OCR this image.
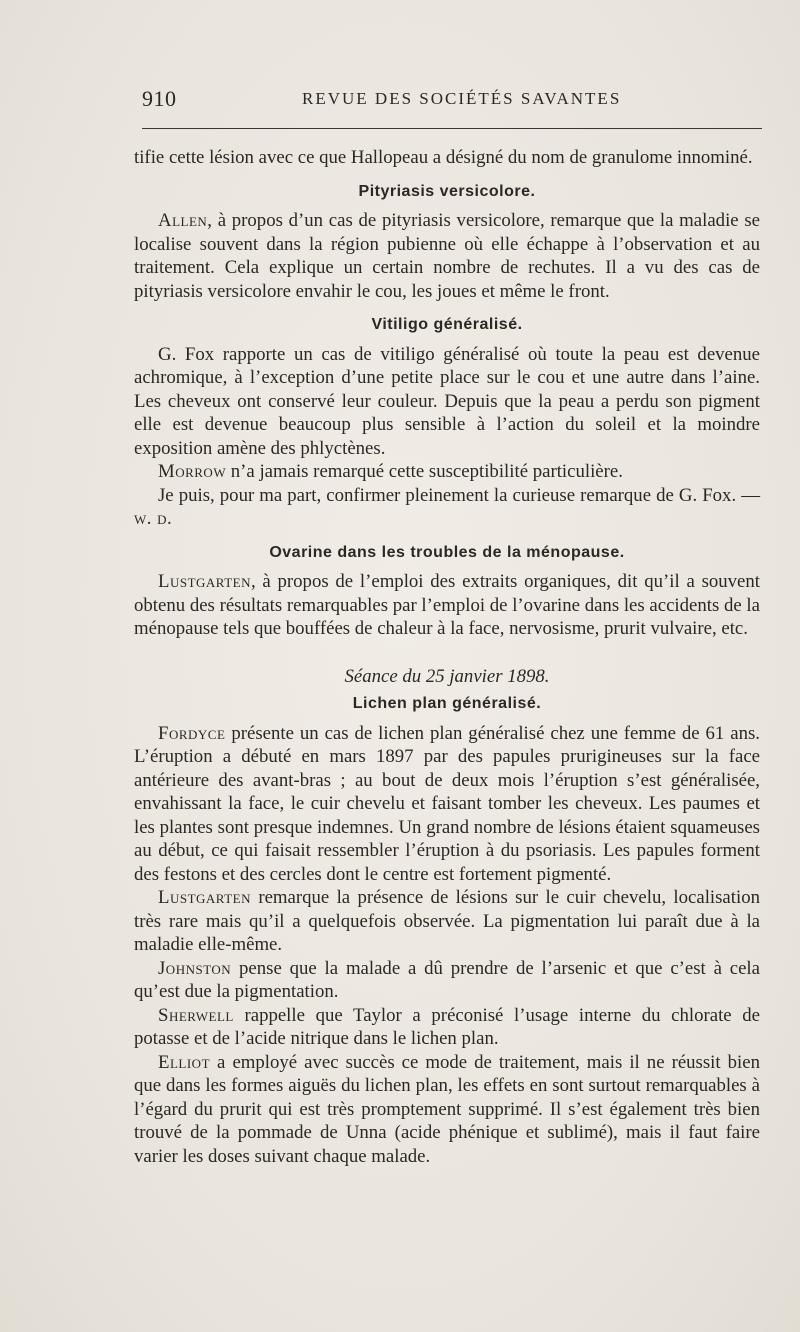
910	REVUE DES SOCIÉTÉS SAVANTES

tifie cette lésion avec ce que Hallopeau a désigné du nom de granulome innominé.

Pityriasis versicolore.

Allen, à propos d’un cas de pityriasis versicolore, remarque que la maladie se localise souvent dans la région pubienne où elle échappe à l’observation et au traitement. Cela explique un certain nombre de rechutes. Il a vu des cas de pityriasis versicolore envahir le cou, les joues et même le front.

Vitiligo généralisé.

G. Fox rapporte un cas de vitiligo généralisé où toute la peau est devenue achromique, à l’exception d’une petite place sur le cou et une autre dans l’aine. Les cheveux ont conservé leur couleur. Depuis que la peau a perdu son pigment elle est devenue beaucoup plus sensible à l’action du soleil et la moindre exposition amène des phlyctènes.

Morrow n’a jamais remarqué cette susceptibilité particulière.

Je puis, pour ma part, confirmer pleinement la curieuse remarque de G. Fox. — w. d.

Ovarine dans les troubles de la ménopause.

Lustgarten, à propos de l’emploi des extraits organiques, dit qu’il a souvent obtenu des résultats remarquables par l’emploi de l’ovarine dans les accidents de la ménopause tels que bouffées de chaleur à la face, nervosisme, prurit vulvaire, etc.

Séance du 25 janvier 1898.
Lichen plan généralisé.

Fordyce présente un cas de lichen plan généralisé chez une femme de 61 ans. L’éruption a débuté en mars 1897 par des papules prurigineuses sur la face antérieure des avant-bras ; au bout de deux mois l’éruption s’est généralisée, envahissant la face, le cuir chevelu et faisant tomber les cheveux. Les paumes et les plantes sont presque indemnes. Un grand nombre de lésions étaient squameuses au début, ce qui faisait ressembler l’éruption à du psoriasis. Les papules forment des festons et des cercles dont le centre est fortement pigmenté.

Lustgarten remarque la présence de lésions sur le cuir chevelu, localisation très rare mais qu’il a quelquefois observée. La pigmentation lui paraît due à la maladie elle-même.

Johnston pense que la malade a dû prendre de l’arsenic et que c’est à cela qu’est due la pigmentation.

Sherwell rappelle que Taylor a préconisé l’usage interne du chlorate de potasse et de l’acide nitrique dans le lichen plan.

Elliot a employé avec succès ce mode de traitement, mais il ne réussit bien que dans les formes aiguës du lichen plan, les effets en sont surtout remarquables à l’égard du prurit qui est très promptement supprimé. Il s’est également très bien trouvé de la pommade de Unna (acide phénique et sublimé), mais il faut faire varier les doses suivant chaque malade.
